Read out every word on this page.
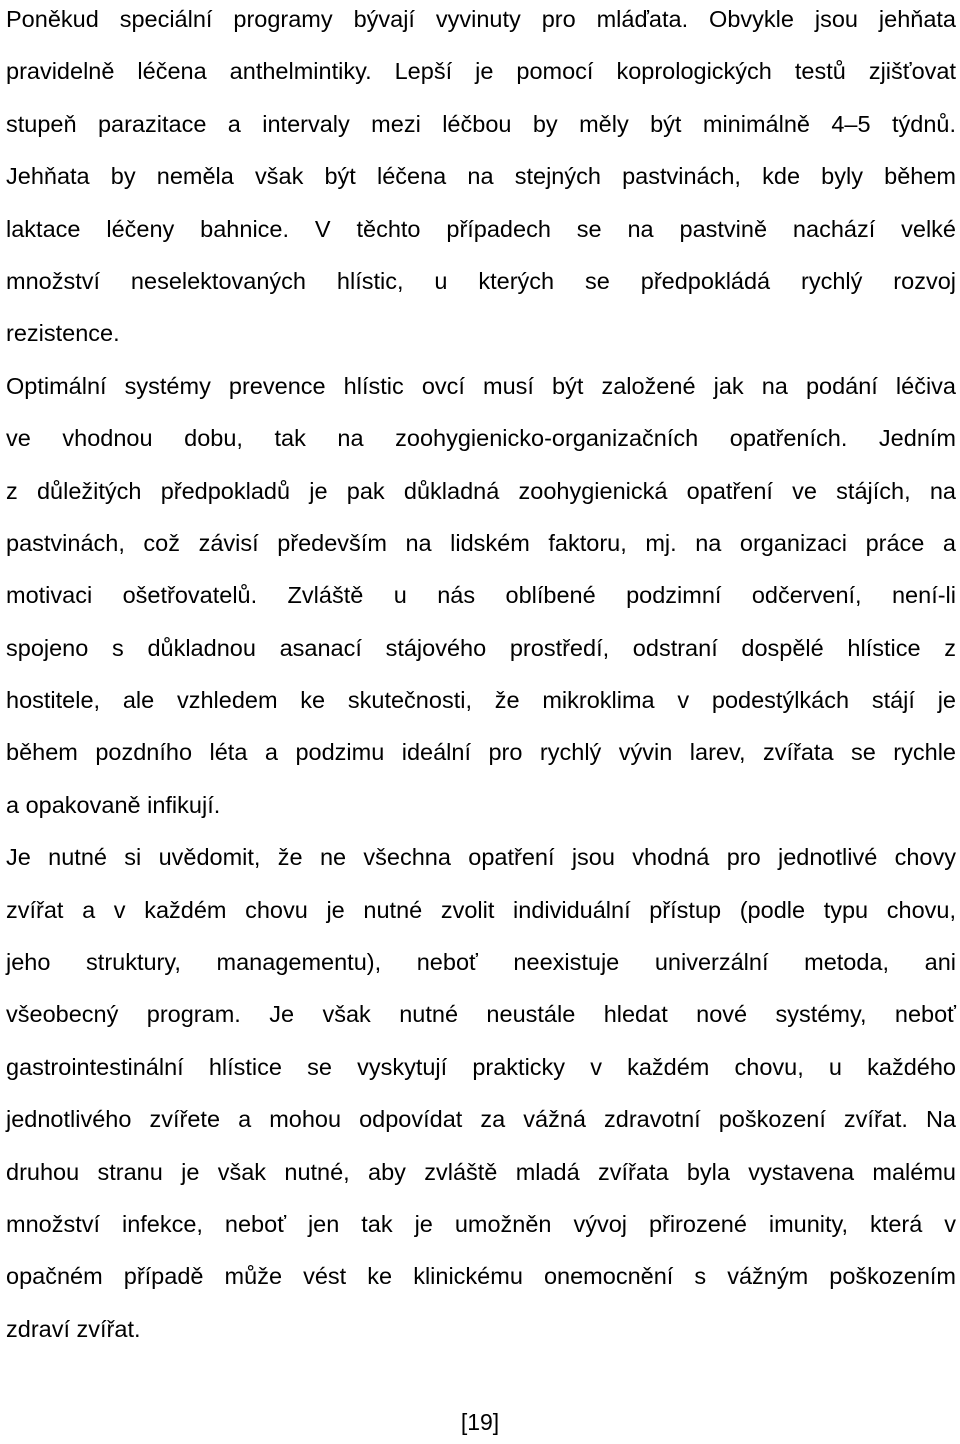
Poněkud speciální programy bývají vyvinuty pro mláďata. Obvykle jsou jehňata
pravidelně léčena anthelmintiky. Lepší je pomocí koprologických testů zjišťovat
stupeň parazitace a intervaly mezi léčbou by měly být minimálně 4–5 týdnů.
Jehňata by neměla však být léčena na stejných pastvinách, kde byly během
laktace léčeny bahnice. V těchto případech se na pastvině nachází velké
množství neselektovaných hlístic, u kterých se předpokládá rychlý rozvoj
rezistence.
Optimální systémy prevence hlístic ovcí musí být založené jak na podání léčiva
ve vhodnou dobu, tak na zoohygienicko-organizačních opatřeních. Jedním
z důležitých předpokladů je pak důkladná zoohygienická opatření ve stájích, na
pastvinách, což závisí především na lidském faktoru, mj. na organizaci práce a
motivaci ošetřovatelů. Zvláště u nás oblíbené podzimní odčervení, není-li
spojeno s důkladnou asanací stájového prostředí, odstraní dospělé hlístice z
hostitele, ale vzhledem ke skutečnosti, že mikroklima v podestýlkách stájí je
během pozdního léta a podzimu ideální pro rychlý vývin larev, zvířata se rychle
a opakovaně infikují.
Je nutné si uvědomit, že ne všechna opatření jsou vhodná pro jednotlivé chovy
zvířat a v každém chovu je nutné zvolit individuální přístup (podle typu chovu,
jeho struktury, managementu), neboť neexistuje univerzální metoda, ani
všeobecný program. Je však nutné neustále hledat nové systémy, neboť
gastrointestinální hlístice se vyskytují prakticky v každém chovu, u každého
jednotlivého zvířete a mohou odpovídat za vážná zdravotní poškození zvířat. Na
druhou stranu je však nutné, aby zvláště mladá zvířata byla vystavena malému
množství infekce, neboť jen tak je umožněn vývoj přirozené imunity, která v
opačném případě může vést ke klinickému onemocnění s vážným poškozením
zdraví zvířat.
[19]
